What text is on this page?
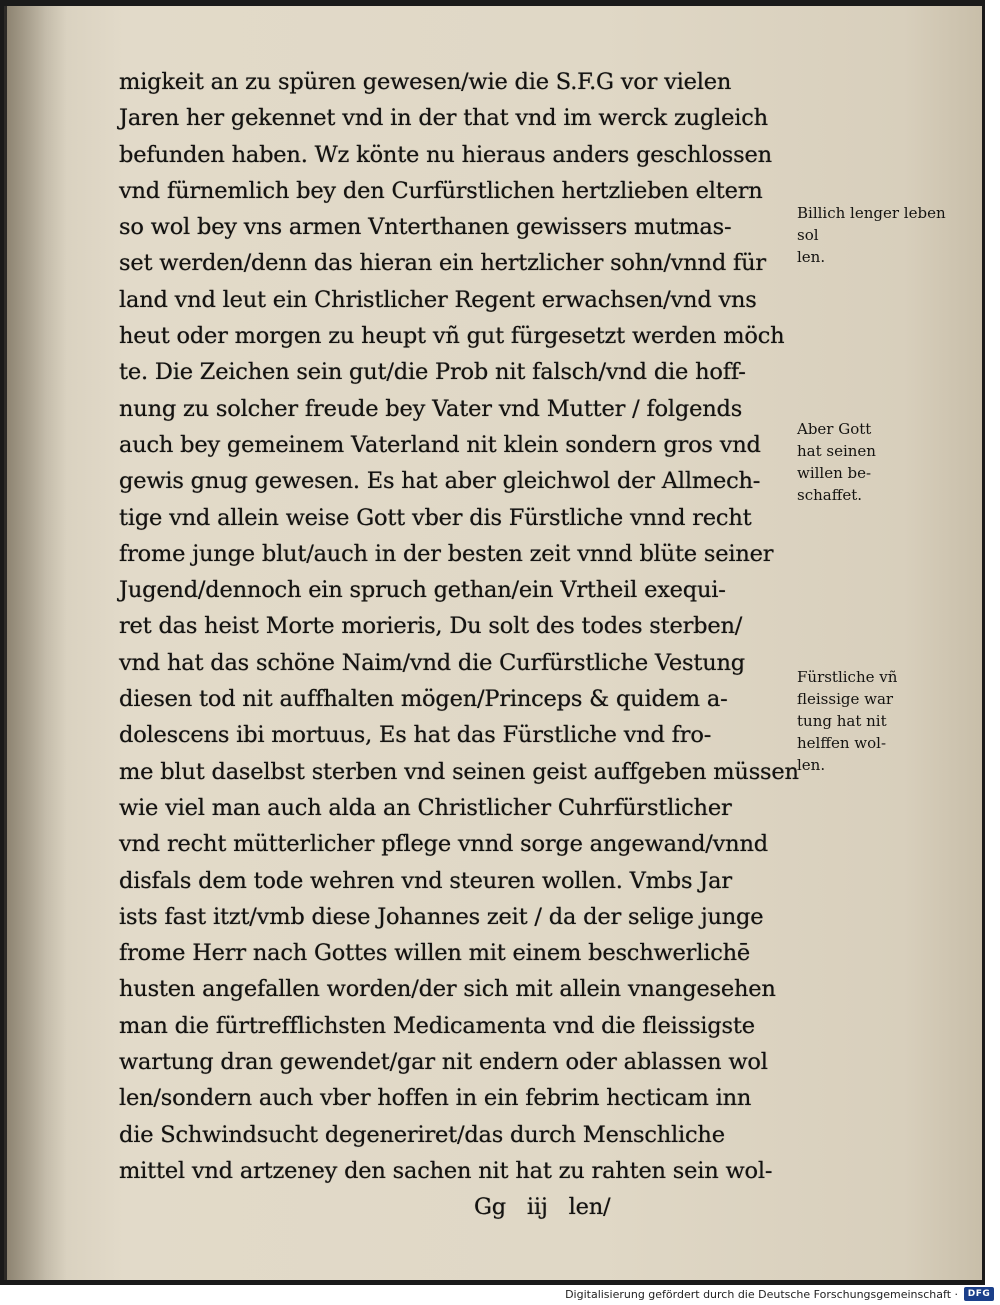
migkeit an zu spüren gewesen/wie die S.F.G vor vielen
Jaren her gekennet vnd in der that vnd im werck zugleich
befunden haben. Wz könte nu hieraus anders geschlossen
vnd fürnemlich bey den Curfürstlichen hertzlieben eltern
so wol bey vns armen Vnterthanen gewissers mutmas-
set werden/denn das hieran ein hertzlicher sohn/vnnd für
land vnd leut ein Christlicher Regent erwachsen/vnd vns
heut oder morgen zu heupt vñ gut fürgesetzt werden möch
te. Die Zeichen sein gut/die Prob nit falsch/vnd die hoff-
nung zu solcher freude bey Vater vnd Mutter / folgends
auch bey gemeinem Vaterland nit klein sondern gros vnd
gewis gnug gewesen. Es hat aber gleichwol der Allmech-
tige vnd allein weise Gott vber dis Fürstliche vnnd recht
frome junge blut/auch in der besten zeit vnnd blüte seiner
Jugend/dennoch ein spruch gethan/ein Vrtheil exequi-
ret das heist Morte morieris, Du solt des todes sterben/
vnd hat das schöne Naim/vnd die Curfürstliche Vestung
diesen tod nit auffhalten mögen/Princeps & quidem a-
dolescens ibi mortuus, Es hat das Fürstliche vnd fro-
me blut daselbst sterben vnd seinen geist auffgeben müssen
wie viel man auch alda an Christlicher Cuhrfürstlicher
vnd recht mütterlicher pflege vnnd sorge angewand/vnnd
disfals dem tode wehren vnd steuren wollen. Vmbs Jar
ists fast itzt/vmb diese Johannes zeit / da der selige junge
frome Herr nach Gottes willen mit einem beschwerlichē
husten angefallen worden/der sich mit allein vnangesehen
man die fürtrefflichsten Medicamenta vnd die fleissigste
wartung dran gewendet/gar nit endern oder ablassen wol
len/sondern auch vber hoffen in ein febrim hecticam inn
die Schwindsucht degeneriret/das durch Menschliche
mittel vnd artzeney den sachen nit hat zu rahten sein wol-
Gg iij len/
Billich lenger leben sol
len.
Aber Gott
hat seinen
willen be-
schaffet.
Fürstliche vñ
fleissige war
tung hat nit
helffen wol-
len.
Digitalisierung gefördert durch die Deutsche Forschungsgemeinschaft ·	DFG
